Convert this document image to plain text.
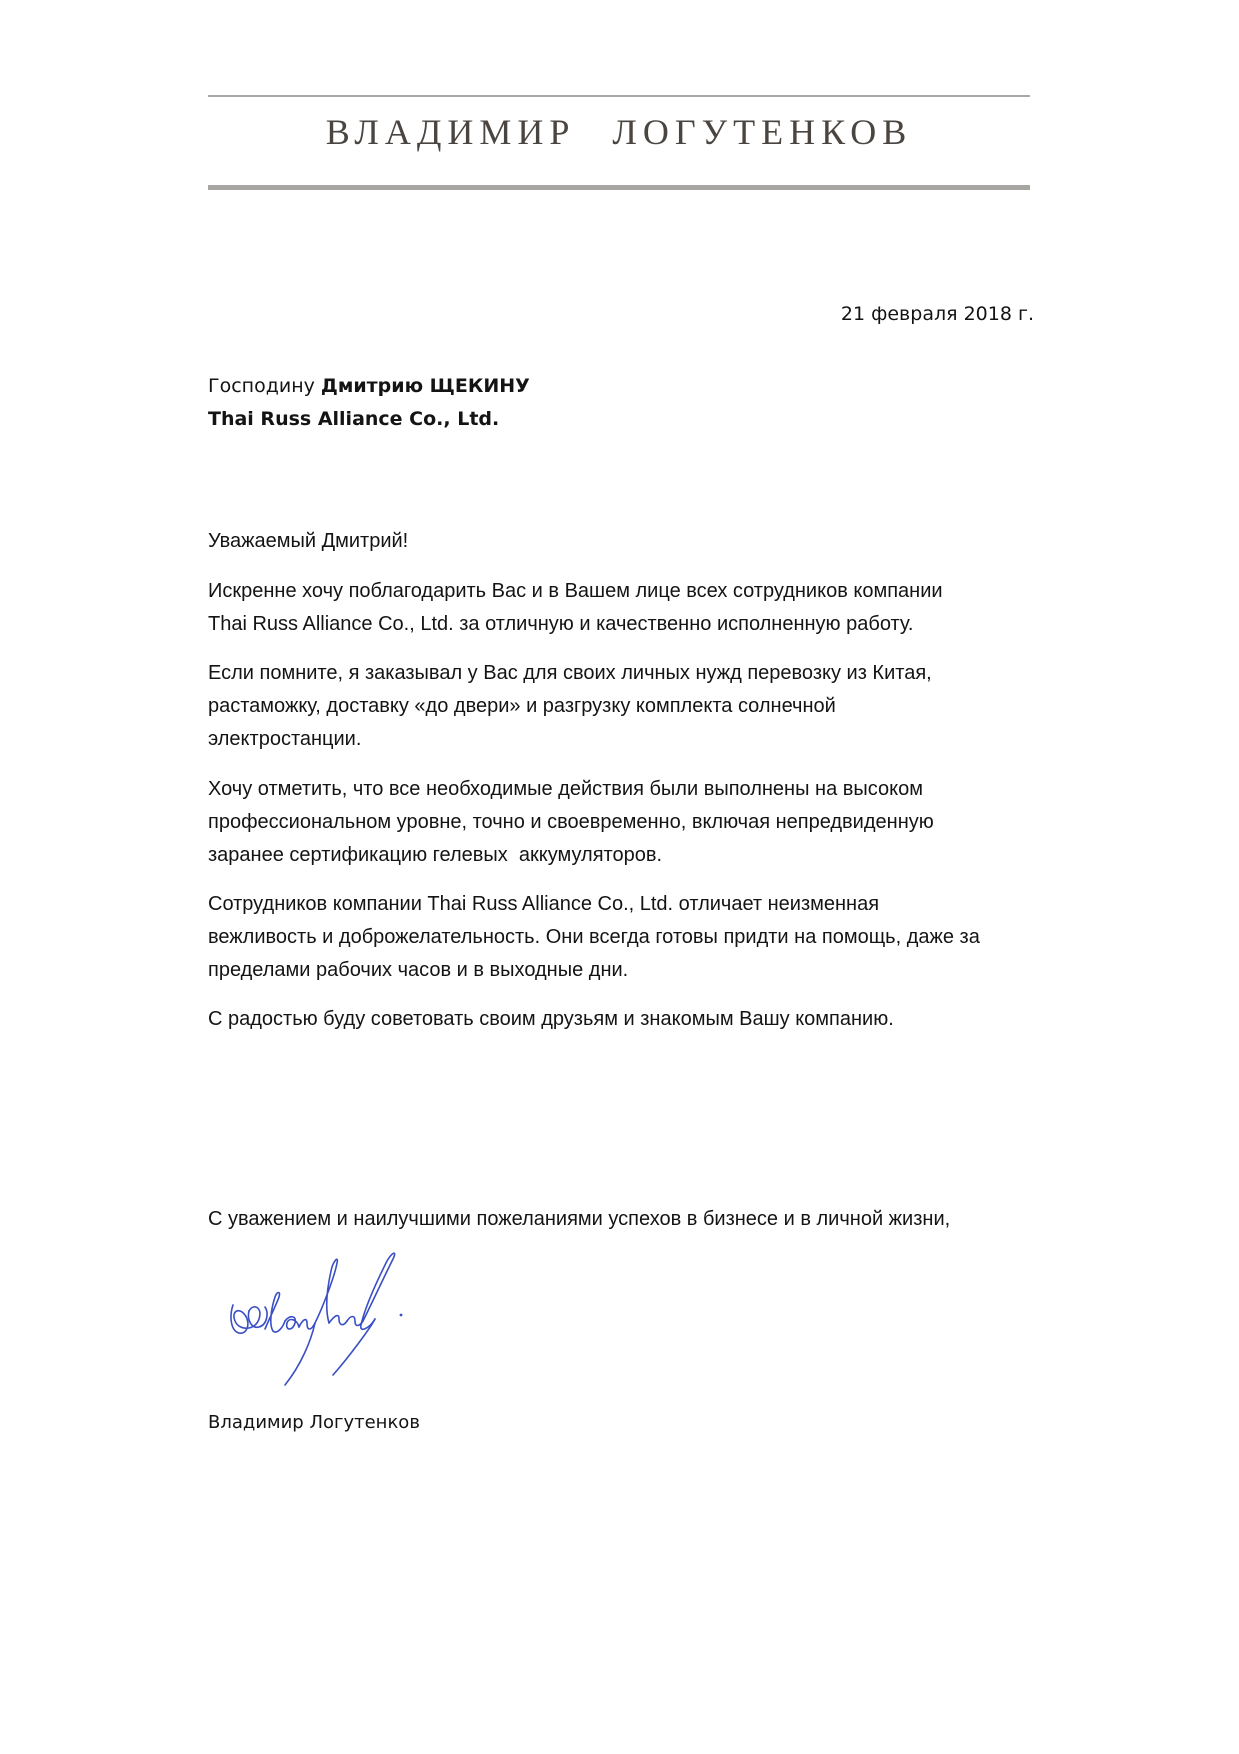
ВЛАДИМИР ЛОГУТЕНКОВ
21 февраля 2018 г.
Господину Дмитрию ЩЕКИНУ
Thai Russ Alliance Co., Ltd.
Уважаемый Дмитрий!
Искренне хочу поблагодарить Вас и в Вашем лице всех сотрудников компании
Thai Russ Alliance Co., Ltd. за отличную и качественно исполненную работу.
Если помните, я заказывал у Вас для своих личных нужд перевозку из Китая,
растаможку, доставку «до двери» и разгрузку комплекта солнечной
электростанции.
Хочу отметить, что все необходимые действия были выполнены на высоком
профессиональном уровне, точно и своевременно, включая непредвиденную
заранее сертификацию гелевых  аккумуляторов.
Сотрудников компании Thai Russ Alliance Co., Ltd. отличает неизменная
вежливость и доброжелательность. Они всегда готовы придти на помощь, даже за
пределами рабочих часов и в выходные дни.
С радостью буду советовать своим друзьям и знакомым Вашу компанию.
С уважением и наилучшими пожеланиями успехов в бизнесе и в личной жизни,
Владимир Логутенков
